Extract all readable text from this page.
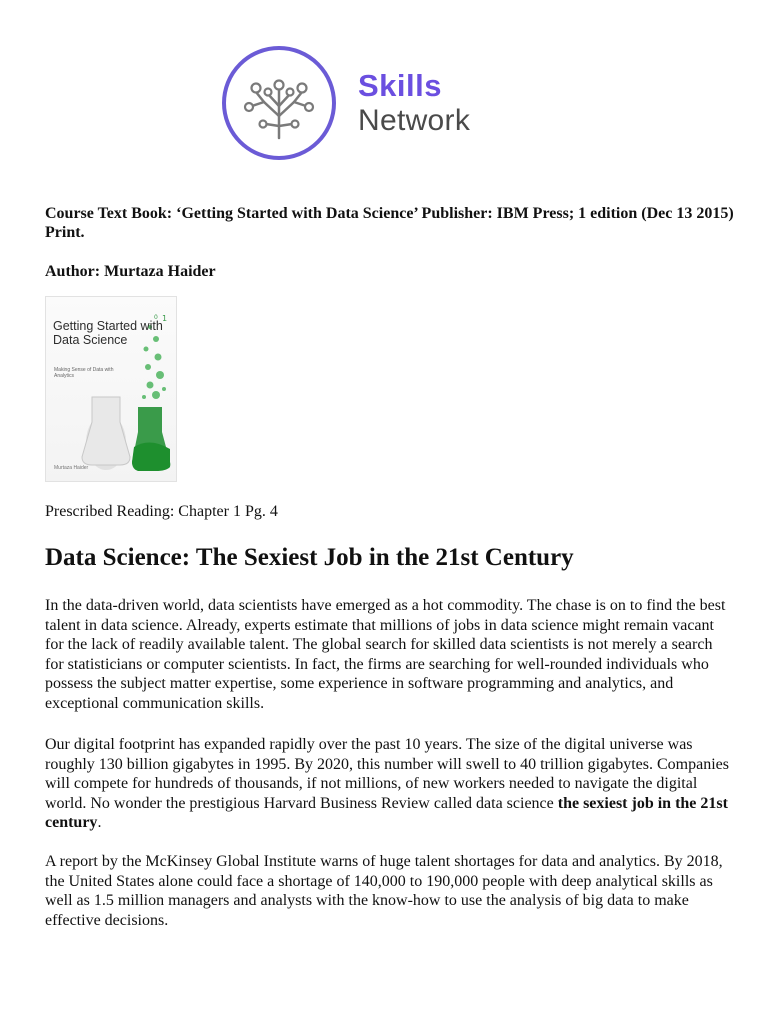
Skills
Network

Course Text Book: ‘Getting Started with Data Science’ Publisher: IBM Press; 1 edition (Dec 13 2015) Print.

Author: Murtaza Haider

1
0

Getting Started with Data Science

Making Sense of Data with Analytics

Murtaza Haider

Prescribed Reading: Chapter 1 Pg. 4

Data Science: The Sexiest Job in the 21st Century

In the data-driven world, data scientists have emerged as a hot commodity. The chase is on to find the best talent in data science. Already, experts estimate that millions of jobs in data science might remain vacant for the lack of readily available talent. The global search for skilled data scientists is not merely a search for statisticians or computer scientists. In fact, the firms are searching for well-rounded individuals who possess the subject matter expertise, some experience in software programming and analytics, and exceptional communication skills.

Our digital footprint has expanded rapidly over the past 10 years. The size of the digital universe was roughly 130 billion gigabytes in 1995. By 2020, this number will swell to 40 trillion gigabytes. Companies will compete for hundreds of thousands, if not millions, of new workers needed to navigate the digital world. No wonder the prestigious Harvard Business Review called data science the sexiest job in the 21st century.

A report by the McKinsey Global Institute warns of huge talent shortages for data and analytics. By 2018, the United States alone could face a shortage of 140,000 to 190,000 people with deep analytical skills as well as 1.5 million managers and analysts with the know-how to use the analysis of big data to make effective decisions.
